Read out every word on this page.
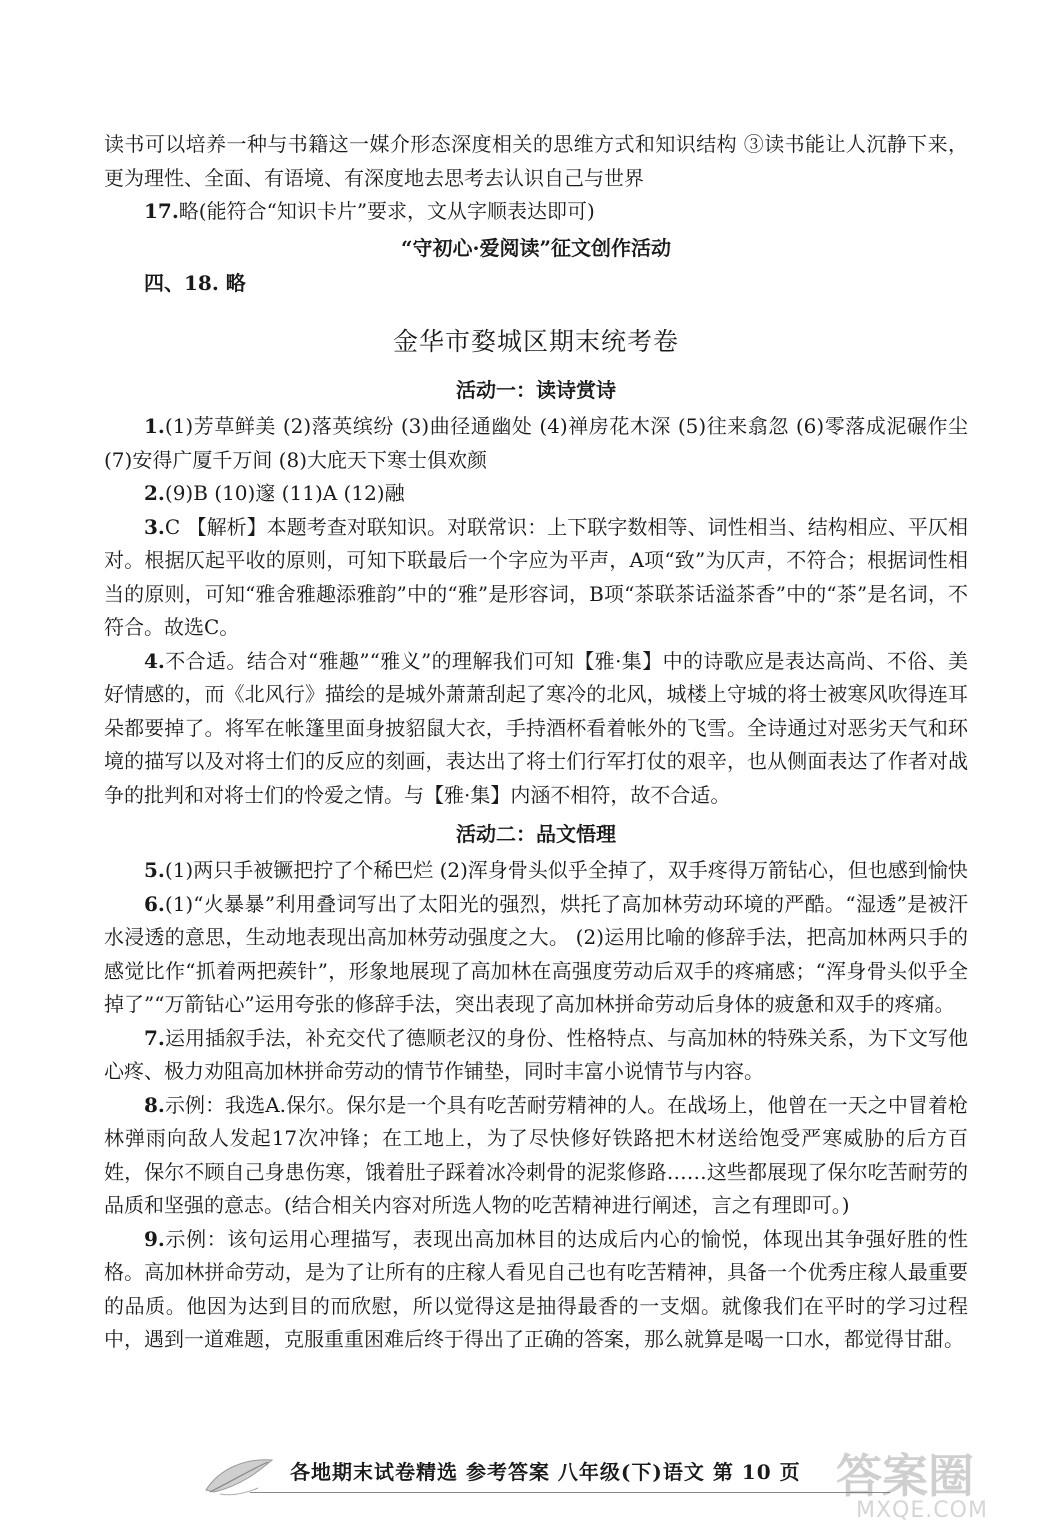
读书可以培养一种与书籍这一媒介形态深度相关的思维方式和知识结构 ③读书能让人沉静下来，更为理性、全面、有语境、有深度地去思考去认识自己与世界

17.略(能符合“知识卡片”要求，文从字顺表达即可)

“守初心·爱阅读”征文创作活动

四、18. 略

金华市婺城区期末统考卷
活动一：读诗赏诗

1.(1)芳草鲜美 (2)落英缤纷 (3)曲径通幽处 (4)禅房花木深 (5)往来翕忽 (6)零落成泥碾作尘 (7)安得广厦千万间 (8)大庇天下寒士俱欢颜

2.(9)B (10)邃 (11)A (12)融

3.C 【解析】本题考查对联知识。对联常识：上下联字数相等、词性相当、结构相应、平仄相对。根据仄起平收的原则，可知下联最后一个字应为平声，A项“致”为仄声，不符合；根据词性相当的原则，可知“雅舍雅趣添雅韵”中的“雅”是形容词，B项“茶联茶话溢茶香”中的“茶”是名词，不符合。故选C。

4.不合适。结合对“雅趣”“雅义”的理解我们可知【雅·集】中的诗歌应是表达高尚、不俗、美好情感的，而《北风行》描绘的是城外萧萧刮起了寒冷的北风，城楼上守城的将士被寒风吹得连耳朵都要掉了。将军在帐篷里面身披貂鼠大衣，手持酒杯看着帐外的飞雪。全诗通过对恶劣天气和环境的描写以及对将士们的反应的刻画，表达出了将士们行军打仗的艰辛，也从侧面表达了作者对战争的批判和对将士们的怜爱之情。与【雅·集】内涵不相符，故不合适。

活动二：品文悟理

5.(1)两只手被镢把拧了个稀巴烂 (2)浑身骨头似乎全掉了，双手疼得万箭钻心，但也感到愉快

6.(1)“火暴暴”利用叠词写出了太阳光的强烈，烘托了高加林劳动环境的严酷。“湿透”是被汗水浸透的意思，生动地表现出高加林劳动强度之大。 (2)运用比喻的修辞手法，把高加林两只手的感觉比作“抓着两把蒺针”，形象地展现了高加林在高强度劳动后双手的疼痛感；“浑身骨头似乎全掉了”“万箭钻心”运用夸张的修辞手法，突出表现了高加林拼命劳动后身体的疲惫和双手的疼痛。

7.运用插叙手法，补充交代了德顺老汉的身份、性格特点、与高加林的特殊关系，为下文写他心疼、极力劝阻高加林拼命劳动的情节作铺垫，同时丰富小说情节与内容。

8.示例：我选A.保尔。保尔是一个具有吃苦耐劳精神的人。在战场上，他曾在一天之中冒着枪林弹雨向敌人发起17次冲锋；在工地上，为了尽快修好铁路把木材送给饱受严寒威胁的后方百姓，保尔不顾自己身患伤寒，饿着肚子踩着冰冷刺骨的泥浆修路……这些都展现了保尔吃苦耐劳的品质和坚强的意志。(结合相关内容对所选人物的吃苦精神进行阐述，言之有理即可。)

9.示例：该句运用心理描写，表现出高加林目的达成后内心的愉悦，体现出其争强好胜的性格。高加林拼命劳动，是为了让所有的庄稼人看见自己也有吃苦精神，具备一个优秀庄稼人最重要的品质。他因为达到目的而欣慰，所以觉得这是抽得最香的一支烟。就像我们在平时的学习过程中，遇到一道难题，克服重重困难后终于得出了正确的答案，那么就算是喝一口水，都觉得甘甜。

各地期末试卷精选 参考答案 八年级(下)语文 第 10 页 答案圈
MXQE.COM
